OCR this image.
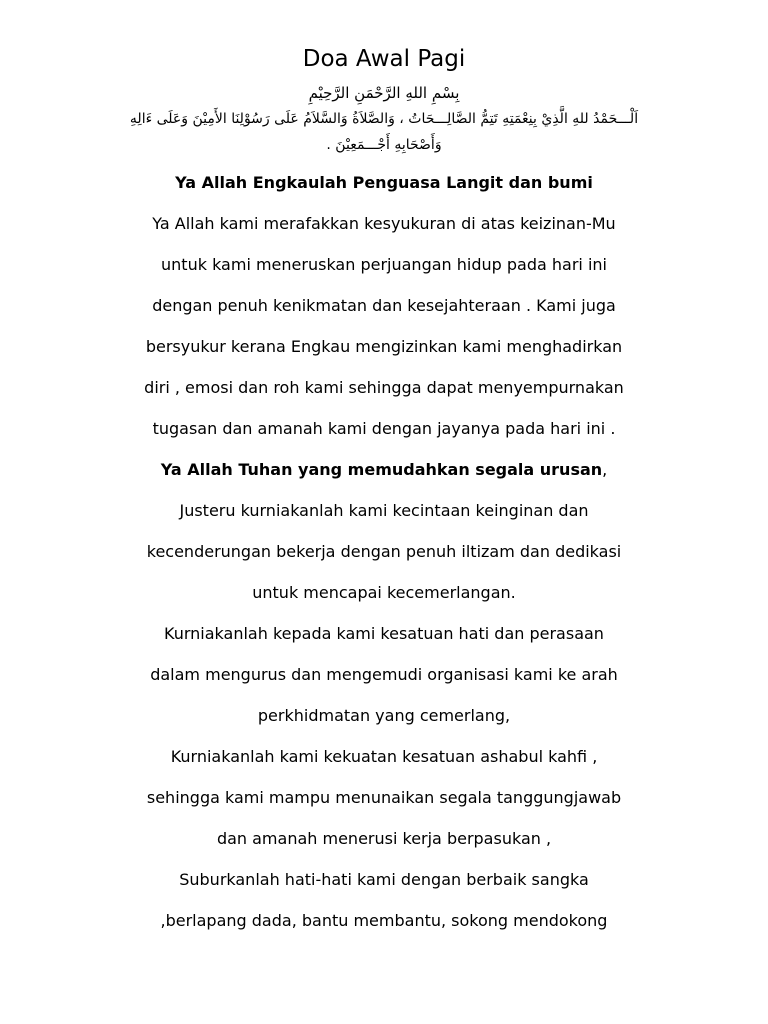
Doa Awal Pagi
بِسْمِ اللهِ الرَّحْمَنِ الرَّحِيْمِ
اَلْـــحَمْدُ للهِ الَّذِيْ بِنِعْمَتِهِ تَتِمُّ الصَّالِـــحَاتُ ، وَالصَّلاَةُ وَالسَّلاَمُ عَلَى رَسُوْلِنَا الأَمِيْنَ وَعَلَى ءَالِهِ
وَأَصْحَابِهِ أَجْـــمَعِيْنَ .
Ya Allah Engkaulah Penguasa Langit dan bumi
Ya Allah kami merafakkan kesyukuran di atas keizinan-Mu
untuk kami meneruskan perjuangan hidup pada hari ini
dengan penuh kenikmatan dan kesejahteraan . Kami juga
bersyukur kerana Engkau mengizinkan kami menghadirkan
diri , emosi dan roh kami sehingga dapat menyempurnakan
tugasan dan amanah kami dengan jayanya pada hari ini .
Ya Allah Tuhan yang memudahkan segala urusan,
Justeru kurniakanlah kami kecintaan keinginan dan
kecenderungan bekerja dengan penuh iltizam dan dedikasi
untuk mencapai kecemerlangan.
Kurniakanlah kepada kami kesatuan hati dan perasaan
dalam mengurus dan mengemudi organisasi kami ke arah
perkhidmatan yang cemerlang,
Kurniakanlah kami kekuatan kesatuan ashabul kahfi ,
sehingga kami mampu menunaikan segala tanggungjawab
dan amanah menerusi kerja berpasukan ,
Suburkanlah hati-hati kami dengan berbaik sangka
,berlapang dada, bantu membantu, sokong mendokong
